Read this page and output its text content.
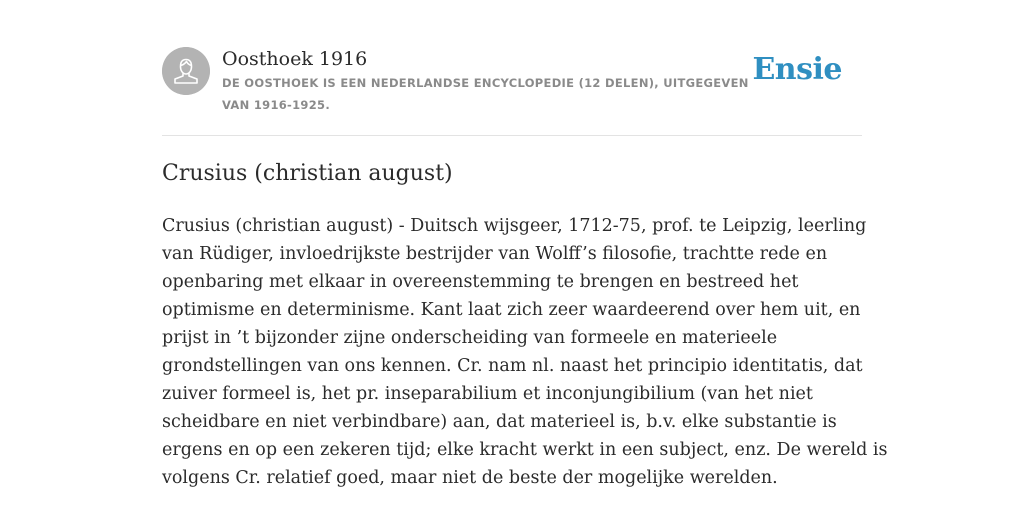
Oosthoek 1916
DE OOSTHOEK IS EEN NEDERLANDSE ENCYCLOPEDIE (12 DELEN), UITGEGEVEN VAN 1916-1925.
Ensie
Crusius (christian august)
Crusius (christian august) - Duitsch wijsgeer, 1712-75, prof. te Leipzig, leerling
van Rüdiger, invloedrijkste bestrijder van Wolff’s filosofie, trachtte rede en
openbaring met elkaar in overeenstemming te brengen en bestreed het
optimisme en determinisme. Kant laat zich zeer waardeerend over hem uit, en
prijst in ’t bijzonder zijne onderscheiding van formeele en materieele
grondstellingen van ons kennen. Cr. nam nl. naast het principio identitatis, dat
zuiver formeel is, het pr. inseparabilium et inconjungibilium (van het niet
scheidbare en niet verbindbare) aan, dat materieel is, b.v. elke substantie is
ergens en op een zekeren tijd; elke kracht werkt in een subject, enz. De wereld is
volgens Cr. relatief goed, maar niet de beste der mogelijke werelden.
